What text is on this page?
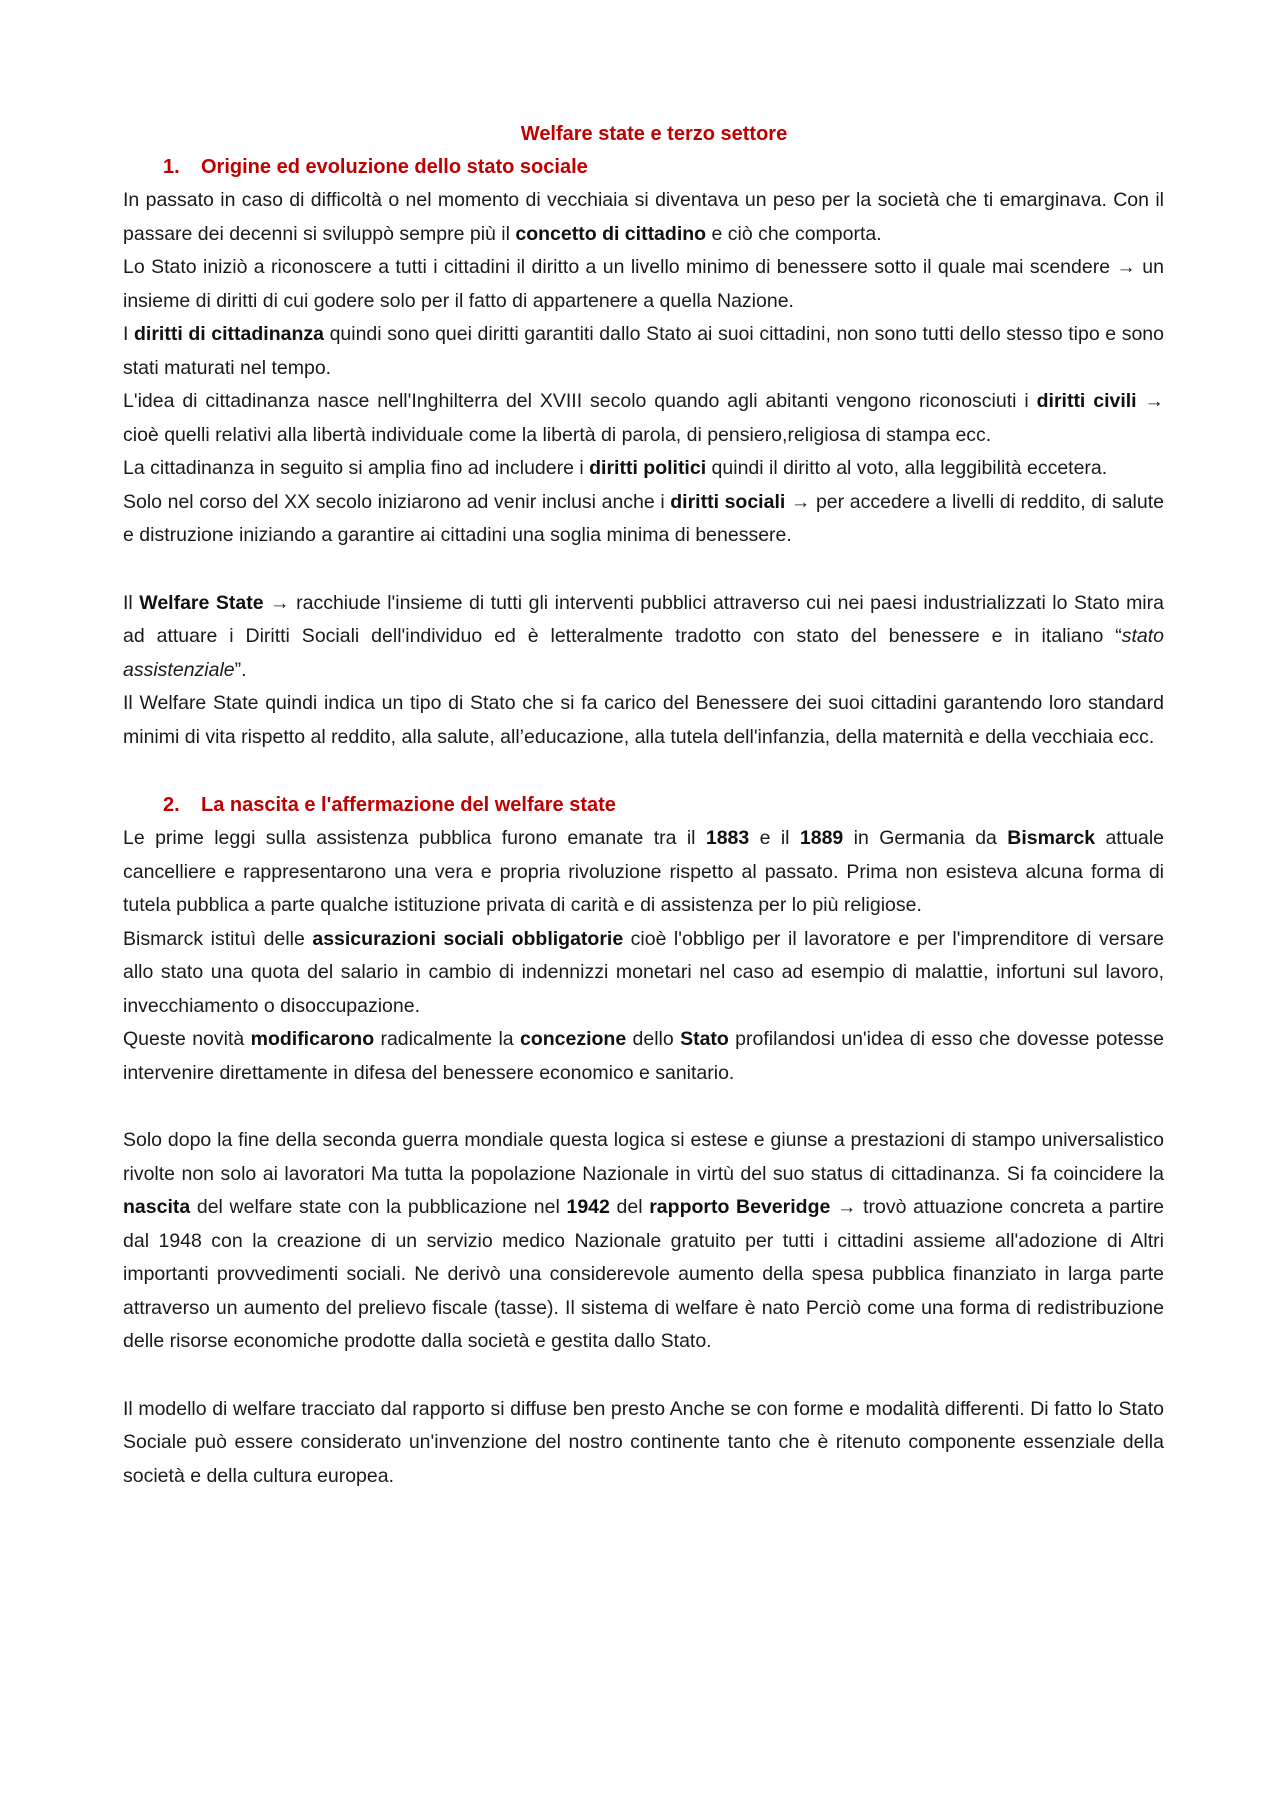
Welfare state e terzo settore
1. Origine ed evoluzione dello stato sociale

In passato in caso di difficoltà o nel momento di vecchiaia si diventava un peso per la società che ti emarginava. Con il passare dei decenni si sviluppò sempre più il concetto di cittadino e ciò che comporta.

Lo Stato iniziò a riconoscere a tutti i cittadini il diritto a un livello minimo di benessere sotto il quale mai scendere → un insieme di diritti di cui godere solo per il fatto di appartenere a quella Nazione.

I diritti di cittadinanza quindi sono quei diritti garantiti dallo Stato ai suoi cittadini, non sono tutti dello stesso tipo e sono stati maturati nel tempo.

L'idea di cittadinanza nasce nell'Inghilterra del XVIII secolo quando agli abitanti vengono riconosciuti i diritti civili → cioè quelli relativi alla libertà individuale come la libertà di parola, di pensiero,religiosa di stampa ecc.

La cittadinanza in seguito si amplia fino ad includere i diritti politici quindi il diritto al voto, alla leggibilità eccetera.

Solo nel corso del XX secolo iniziarono ad venir inclusi anche i diritti sociali → per accedere a livelli di reddito, di salute e distruzione iniziando a garantire ai cittadini una soglia minima di benessere.

Il Welfare State → racchiude l'insieme di tutti gli interventi pubblici attraverso cui nei paesi industrializzati lo Stato mira ad attuare i Diritti Sociali dell'individuo ed è letteralmente tradotto con stato del benessere e in italiano “stato assistenziale”.

Il Welfare State quindi indica un tipo di Stato che si fa carico del Benessere dei suoi cittadini garantendo loro standard minimi di vita rispetto al reddito, alla salute, all’educazione, alla tutela dell'infanzia, della maternità e della vecchiaia ecc.

2. La nascita e l'affermazione del welfare state

Le prime leggi sulla assistenza pubblica furono emanate tra il 1883 e il 1889 in Germania da Bismarck attuale cancelliere e rappresentarono una vera e propria rivoluzione rispetto al passato. Prima non esisteva alcuna forma di tutela pubblica a parte qualche istituzione privata di carità e di assistenza per lo più religiose.

Bismarck istituì delle assicurazioni sociali obbligatorie cioè l'obbligo per il lavoratore e per l'imprenditore di versare allo stato una quota del salario in cambio di indennizzi monetari nel caso ad esempio di malattie, infortuni sul lavoro, invecchiamento o disoccupazione.

Queste novità modificarono radicalmente la concezione dello Stato profilandosi un'idea di esso che dovesse potesse intervenire direttamente in difesa del benessere economico e sanitario.

Solo dopo la fine della seconda guerra mondiale questa logica si estese e giunse a prestazioni di stampo universalistico rivolte non solo ai lavoratori Ma tutta la popolazione Nazionale in virtù del suo status di cittadinanza. Si fa coincidere la nascita del welfare state con la pubblicazione nel 1942 del rapporto Beveridge → trovò attuazione concreta a partire dal 1948 con la creazione di un servizio medico Nazionale gratuito per tutti i cittadini assieme all'adozione di Altri importanti provvedimenti sociali. Ne derivò una considerevole aumento della spesa pubblica finanziato in larga parte attraverso un aumento del prelievo fiscale (tasse). Il sistema di welfare è nato Perciò come una forma di redistribuzione delle risorse economiche prodotte dalla società e gestita dallo Stato.

Il modello di welfare tracciato dal rapporto si diffuse ben presto Anche se con forme e modalità differenti. Di fatto lo Stato Sociale può essere considerato un'invenzione del nostro continente tanto che è ritenuto componente essenziale della società e della cultura europea.
